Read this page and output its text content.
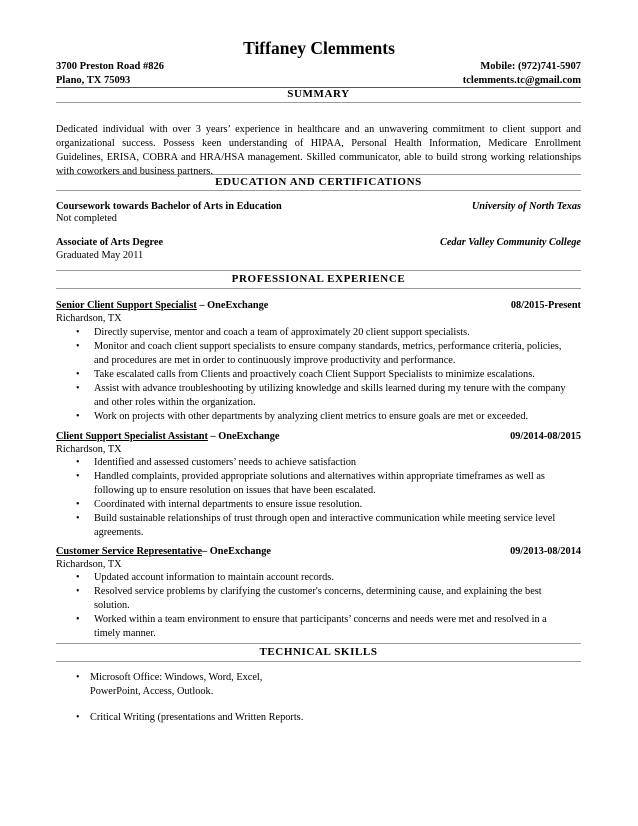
Tiffaney Clemments
3700 Preston Road #826	Mobile: (972)741-5907
Plano, TX 75093	tclemments.tc@gmail.com
SUMMARY
Dedicated individual with over 3 years’ experience in healthcare and an unwavering commitment to client support and
organizational success. Possess keen understanding of HIPAA, Personal Health Information, Medicare Enrollment
Guidelines, ERISA, COBRA and HRA/HSA management. Skilled communicator, able to build strong working relationships
with coworkers and business partners.
EDUCATION AND CERTIFICATIONS
Coursework towards Bachelor of Arts in Education	University of North Texas
Not completed
Associate of Arts Degree	Cedar Valley Community College
Graduated May 2011
PROFESSIONAL EXPERIENCE
Senior Client Support Specialist – OneExchange	08/2015-Present
Richardson, TX
• Directly supervise, mentor and coach a team of approximately 20 client support specialists.
• Monitor and coach client support specialists to ensure company standards, metrics, performance criteria, policies,
and procedures are met in order to continuously improve productivity and performance.
• Take escalated calls from Clients and proactively coach Client Support Specialists to minimize escalations.
• Assist with advance troubleshooting by utilizing knowledge and skills learned during my tenure with the company
and other roles within the organization.
• Work on projects with other departments by analyzing client metrics to ensure goals are met or exceeded.
Client Support Specialist Assistant – OneExchange	09/2014-08/2015
Richardson, TX
• Identified and assessed customers’ needs to achieve satisfaction
• Handled complaints, provided appropriate solutions and alternatives within appropriate timeframes as well as
following up to ensure resolution on issues that have been escalated.
• Coordinated with internal departments to ensure issue resolution.
• Build sustainable relationships of trust through open and interactive communication while meeting service level
agreements.
Customer Service Representative– OneExchange	09/2013-08/2014
Richardson, TX
• Updated account information to maintain account records.
• Resolved service problems by clarifying the customer's concerns, determining cause, and explaining the best
solution.
• Worked within a team environment to ensure that participants’ concerns and needs were met and resolved in a
timely manner.
TECHNICAL SKILLS
• Microsoft Office: Windows, Word, Excel,
PowerPoint, Access, Outlook.
• Critical Writing (presentations and Written Reports.
